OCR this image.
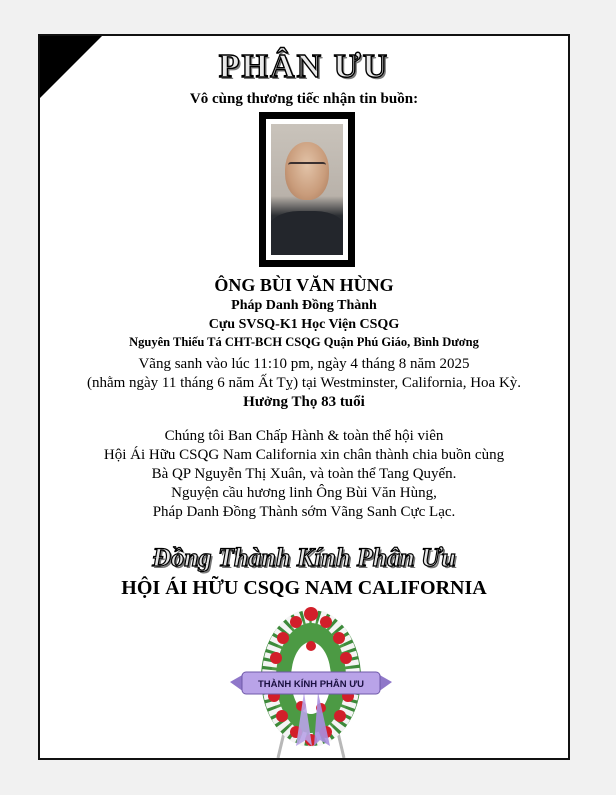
PHÂN ƯU
Vô cùng thương tiếc nhận tin buồn:
ÔNG BÙI VĂN HÙNG
Pháp Danh Đồng Thành
Cựu SVSQ-K1 Học Viện CSQG
Nguyên Thiếu Tá CHT-BCH CSQG Quận Phú Giáo, Bình Dương
Vãng sanh vào lúc 11:10 pm, ngày 4 tháng 8 năm 2025
(nhằm ngày 11 tháng 6 năm Ất Tỵ) tại Westminster, California, Hoa Kỳ.
Hưởng Thọ 83 tuổi
Chúng tôi Ban Chấp Hành & toàn thể hội viên
Hội Ái Hữu CSQG Nam California xin chân thành chia buồn cùng
Bà QP Nguyễn Thị Xuân, và toàn thể Tang Quyến.
Nguyện cầu hương linh Ông Bùi Văn Hùng,
Pháp Danh Đồng Thành sớm Vãng Sanh Cực Lạc.
Đồng Thành Kính Phân Ưu
HỘI ÁI HỮU CSQG NAM CALIFORNIA
THÀNH KÍNH PHÂN ƯU
